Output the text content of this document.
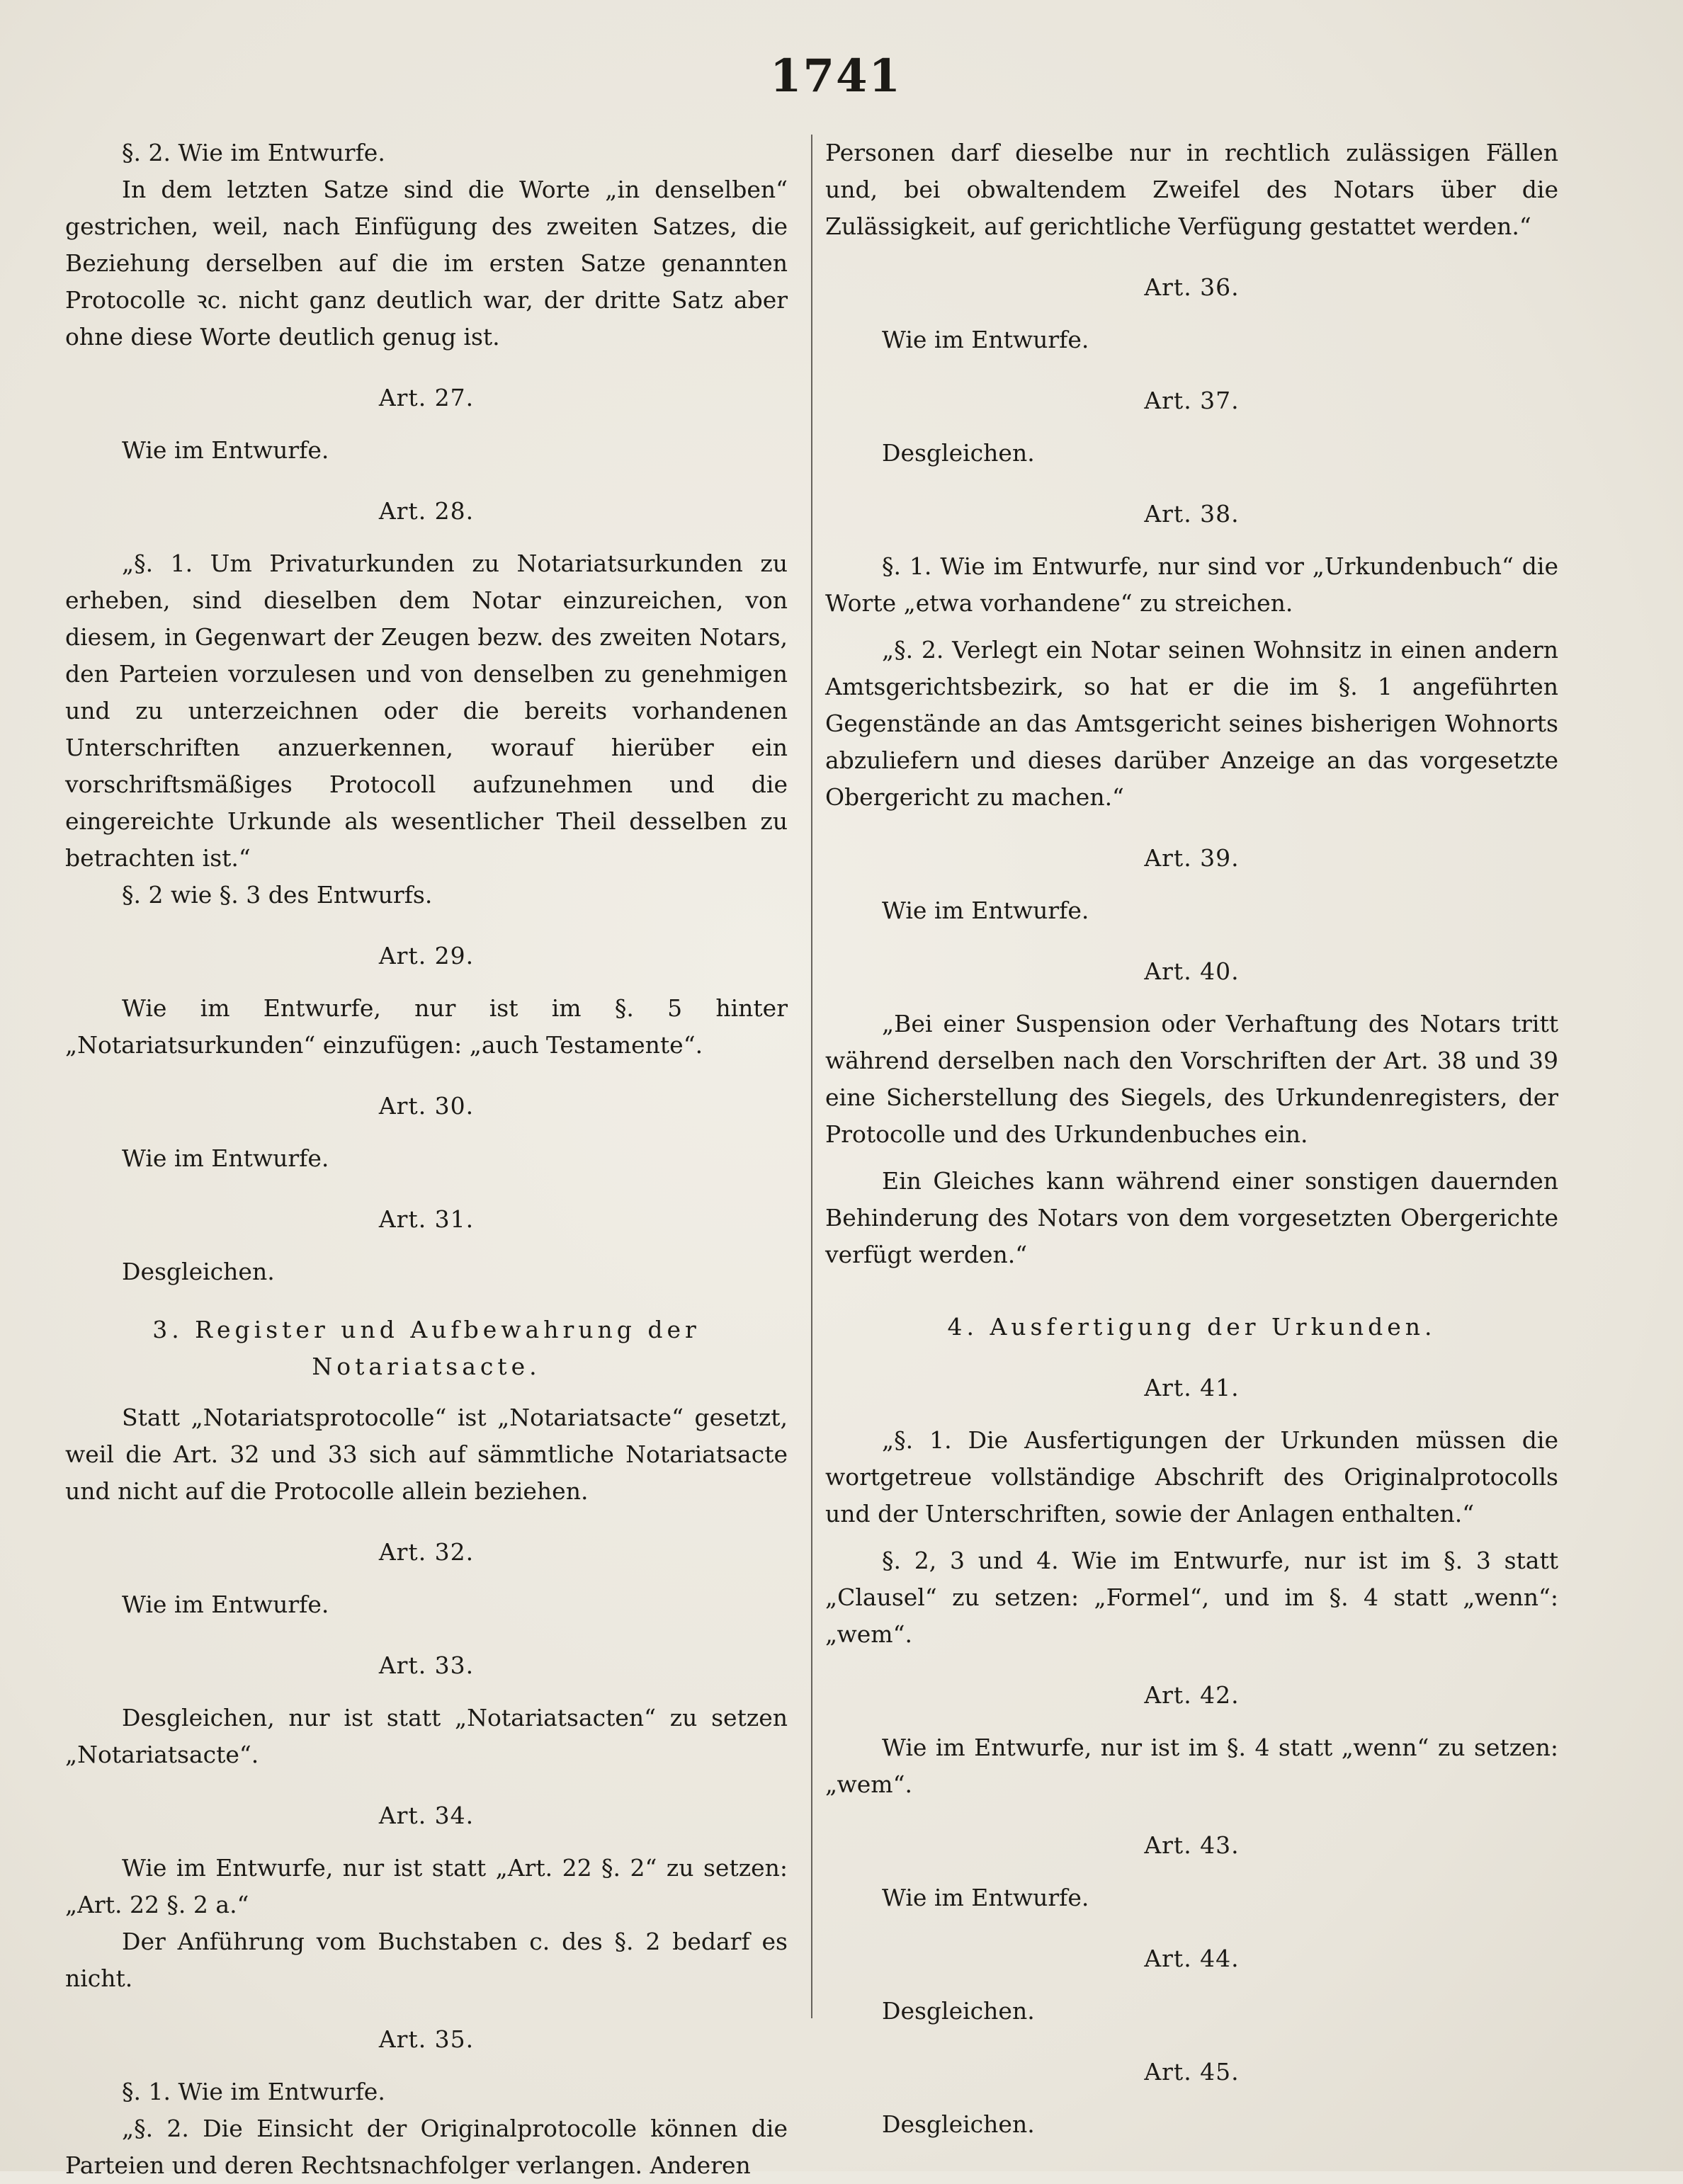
1741

§. 2. Wie im Entwurfe.

In dem letzten Satze sind die Worte „in denselben“ gestrichen, weil, nach Einfügung des zweiten Satzes, die Beziehung derselben auf die im ersten Satze genannten Protocolle ꝛc. nicht ganz deutlich war, der dritte Satz aber ohne diese Worte deutlich genug ist.

Art. 27.

Wie im Entwurfe.

Art. 28.

„§. 1. Um Privaturkunden zu Notariatsurkunden zu erheben, sind dieselben dem Notar einzureichen, von diesem, in Gegenwart der Zeugen bezw. des zweiten Notars, den Parteien vorzulesen und von denselben zu genehmigen und zu unterzeichnen oder die bereits vorhandenen Unterschriften anzuerkennen, worauf hierüber ein vorschriftsmäßiges Protocoll aufzunehmen und die eingereichte Urkunde als wesentlicher Theil desselben zu betrachten ist.“

§. 2 wie §. 3 des Entwurfs.

Art. 29.

Wie im Entwurfe, nur ist im §. 5 hinter „Notariatsurkunden“ einzufügen: „auch Testamente“.

Art. 30.

Wie im Entwurfe.

Art. 31.

Desgleichen.

3. Register und Aufbewahrung der

Notariatsacte.

Statt „Notariatsprotocolle“ ist „Notariatsacte“ gesetzt, weil die Art. 32 und 33 sich auf sämmtliche Notariatsacte und nicht auf die Protocolle allein beziehen.

Art. 32.

Wie im Entwurfe.

Art. 33.

Desgleichen, nur ist statt „Notariatsacten“ zu setzen „Notariatsacte“.

Art. 34.

Wie im Entwurfe, nur ist statt „Art. 22 §. 2“ zu setzen: „Art. 22 §. 2 a.“

Der Anführung vom Buchstaben c. des §. 2 bedarf es nicht.

Art. 35.

§. 1. Wie im Entwurfe.

„§. 2. Die Einsicht der Originalprotocolle können die Parteien und deren Rechtsnachfolger verlangen. Anderen

Personen darf dieselbe nur in rechtlich zulässigen Fällen und, bei obwaltendem Zweifel des Notars über die Zulässigkeit, auf gerichtliche Verfügung gestattet werden.“

Art. 36.

Wie im Entwurfe.

Art. 37.

Desgleichen.

Art. 38.

§. 1. Wie im Entwurfe, nur sind vor „Urkundenbuch“ die Worte „etwa vorhandene“ zu streichen.

„§. 2. Verlegt ein Notar seinen Wohnsitz in einen andern Amtsgerichtsbezirk, so hat er die im §. 1 angeführten Gegenstände an das Amtsgericht seines bisherigen Wohnorts abzuliefern und dieses darüber Anzeige an das vorgesetzte Obergericht zu machen.“

Art. 39.

Wie im Entwurfe.

Art. 40.

„Bei einer Suspension oder Verhaftung des Notars tritt während derselben nach den Vorschriften der Art. 38 und 39 eine Sicherstellung des Siegels, des Urkundenregisters, der Protocolle und des Urkundenbuches ein.

Ein Gleiches kann während einer sonstigen dauernden Behinderung des Notars von dem vorgesetzten Obergerichte verfügt werden.“

4. Ausfertigung der Urkunden.

Art. 41.

„§. 1. Die Ausfertigungen der Urkunden müssen die wortgetreue vollständige Abschrift des Originalprotocolls und der Unterschriften, sowie der Anlagen enthalten.“

§. 2, 3 und 4. Wie im Entwurfe, nur ist im §. 3 statt „Clausel“ zu setzen: „Formel“, und im §. 4 statt „wenn“: „wem“.

Art. 42.

Wie im Entwurfe, nur ist im §. 4 statt „wenn“ zu setzen: „wem“.

Art. 43.

Wie im Entwurfe.

Art. 44.

Desgleichen.

Art. 45.

Desgleichen.
